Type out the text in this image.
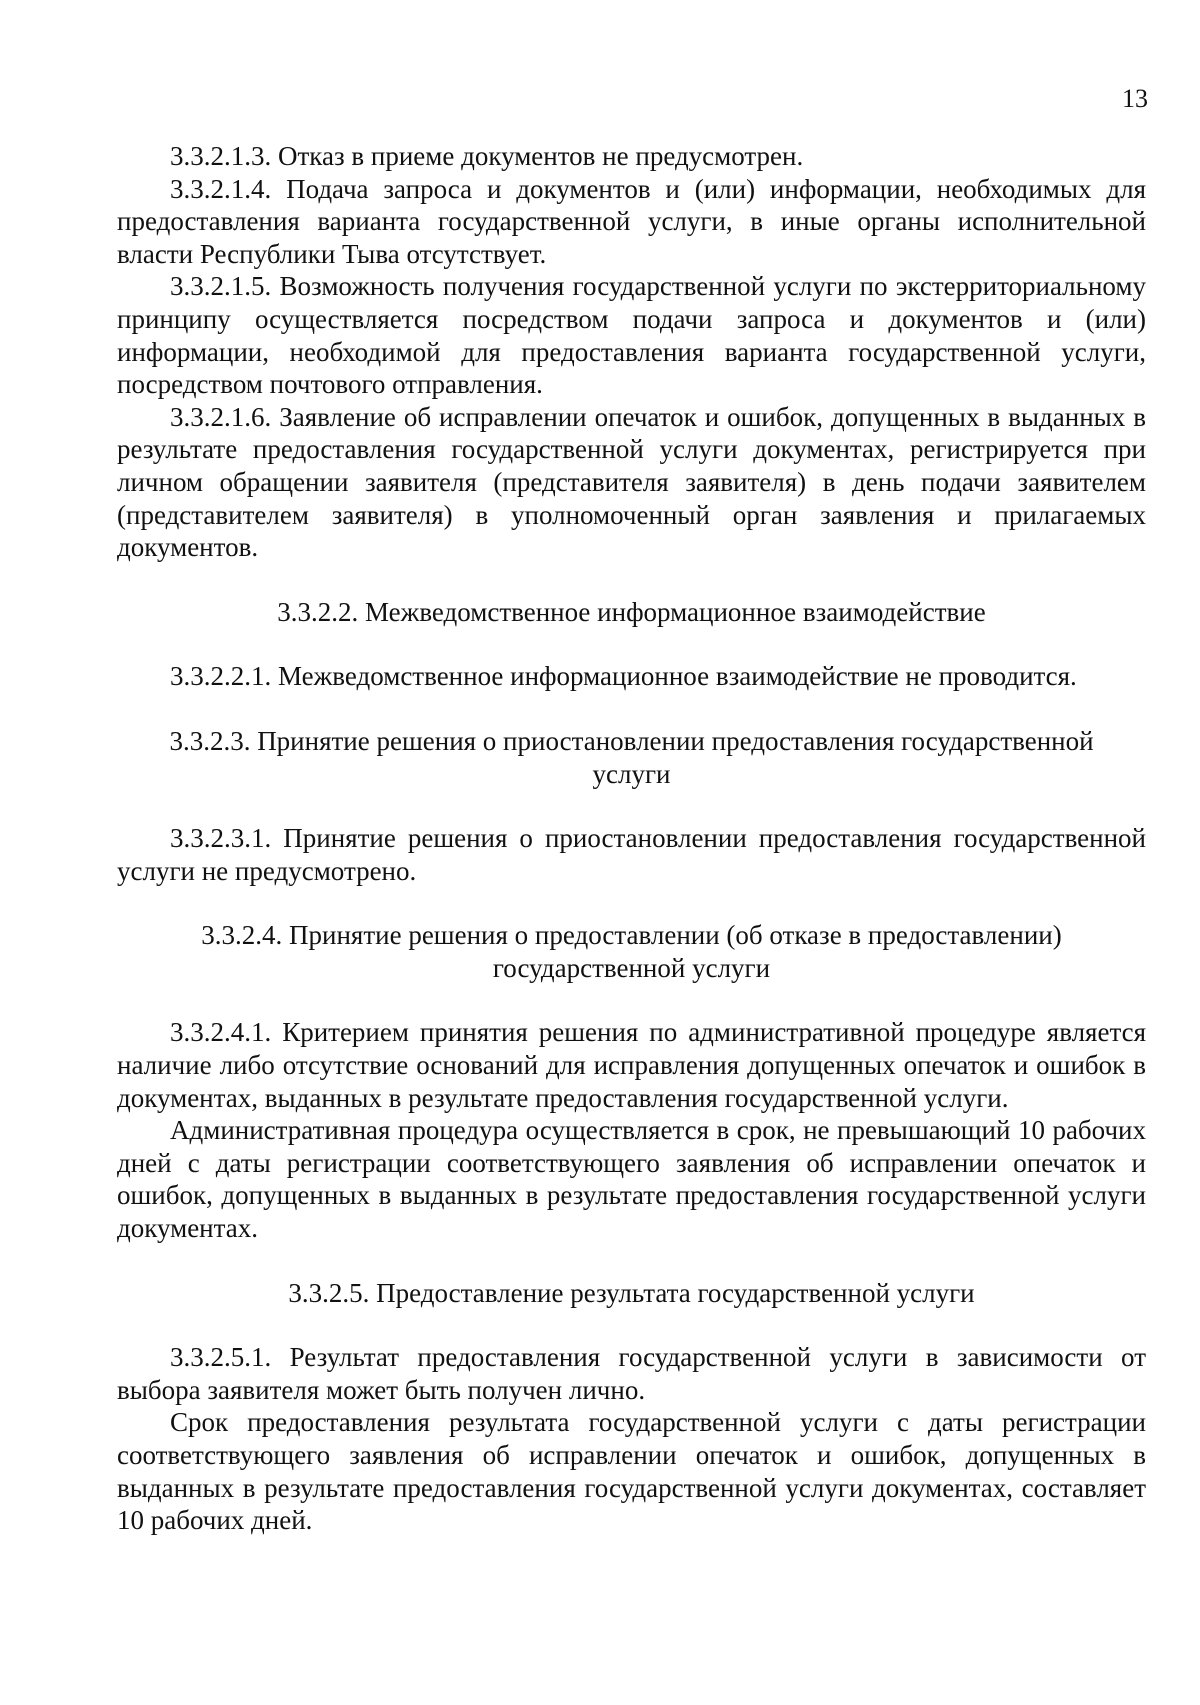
13

3.3.2.1.3. Отказ в приеме документов не предусмотрен.

3.3.2.1.4. Подача запроса и документов и (или) информации, необходимых для предоставления варианта государственной услуги, в иные органы исполнительной власти Республики Тыва отсутствует.

3.3.2.1.5. Возможность получения государственной услуги по экстерриториальному принципу осуществляется посредством подачи запроса и документов и (или) информации, необходимой для предоставления варианта государственной услуги, посредством почтового отправления.

3.3.2.1.6. Заявление об исправлении опечаток и ошибок, допущенных в выданных в результате предоставления государственной услуги документах, регистрируется при личном обращении заявителя (представителя заявителя) в день подачи заявителем (представителем заявителя) в уполномоченный орган заявления и прилагаемых документов.

3.3.2.2. Межведомственное информационное взаимодействие

3.3.2.2.1. Межведомственное информационное взаимодействие не проводится.

3.3.2.3. Принятие решения о приостановлении предоставления государственной
услуги

3.3.2.3.1. Принятие решения о приостановлении предоставления государственной услуги не предусмотрено.

3.3.2.4. Принятие решения о предоставлении (об отказе в предоставлении)
государственной услуги

3.3.2.4.1. Критерием принятия решения по административной процедуре является наличие либо отсутствие оснований для исправления допущенных опечаток и ошибок в документах, выданных в результате предоставления государственной услуги.

Административная процедура осуществляется в срок, не превышающий 10 рабочих дней с даты регистрации соответствующего заявления об исправлении опечаток и ошибок, допущенных в выданных в результате предоставления государственной услуги документах.

3.3.2.5. Предоставление результата государственной услуги

3.3.2.5.1. Результат предоставления государственной услуги в зависимости от выбора заявителя может быть получен лично.

Срок предоставления результата государственной услуги с даты регистрации соответствующего заявления об исправлении опечаток и ошибок, допущенных в выданных в результате предоставления государственной услуги документах, составляет 10 рабочих дней.
